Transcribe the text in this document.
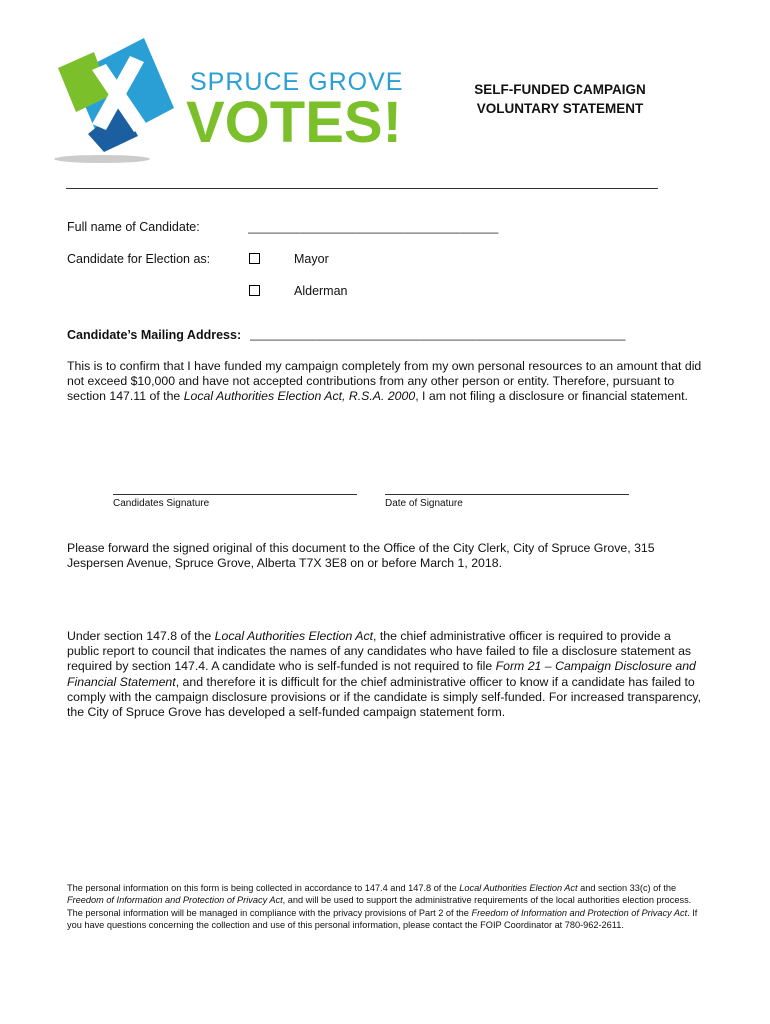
SPRUCE GROVE
VOTES!
SELF-FUNDED CAMPAIGN
VOLUNTARY STATEMENT
Full name of Candidate:	____________________________________
Candidate for Election as:	Mayor
Alderman
Candidate’s Mailing Address: ______________________________________________________
This is to confirm that I have funded my campaign completely from my own personal resources to an amount that did not exceed $10,000 and have not accepted contributions from any other person or entity. Therefore, pursuant to section 147.11 of the Local Authorities Election Act, R.S.A. 2000, I am not filing a disclosure or financial statement.
Candidates Signature	Date of Signature
Please forward the signed original of this document to the Office of the City Clerk, City of Spruce Grove, 315 Jespersen Avenue, Spruce Grove, Alberta T7X 3E8 on or before March 1, 2018.
Under section 147.8 of the Local Authorities Election Act, the chief administrative officer is required to provide a public report to council that indicates the names of any candidates who have failed to file a disclosure statement as required by section 147.4. A candidate who is self-funded is not required to file Form 21 – Campaign Disclosure and Financial Statement, and therefore it is difficult for the chief administrative officer to know if a candidate has failed to comply with the campaign disclosure provisions or if the candidate is simply self-funded. For increased transparency, the City of Spruce Grove has developed a self-funded campaign statement form.
The personal information on this form is being collected in accordance to 147.4 and 147.8 of the Local Authorities Election Act and section 33(c) of the Freedom of Information and Protection of Privacy Act, and will be used to support the administrative requirements of the local authorities election process. The personal information will be managed in compliance with the privacy provisions of Part 2 of the Freedom of Information and Protection of Privacy Act. If you have questions concerning the collection and use of this personal information, please contact the FOIP Coordinator at 780-962-2611.
